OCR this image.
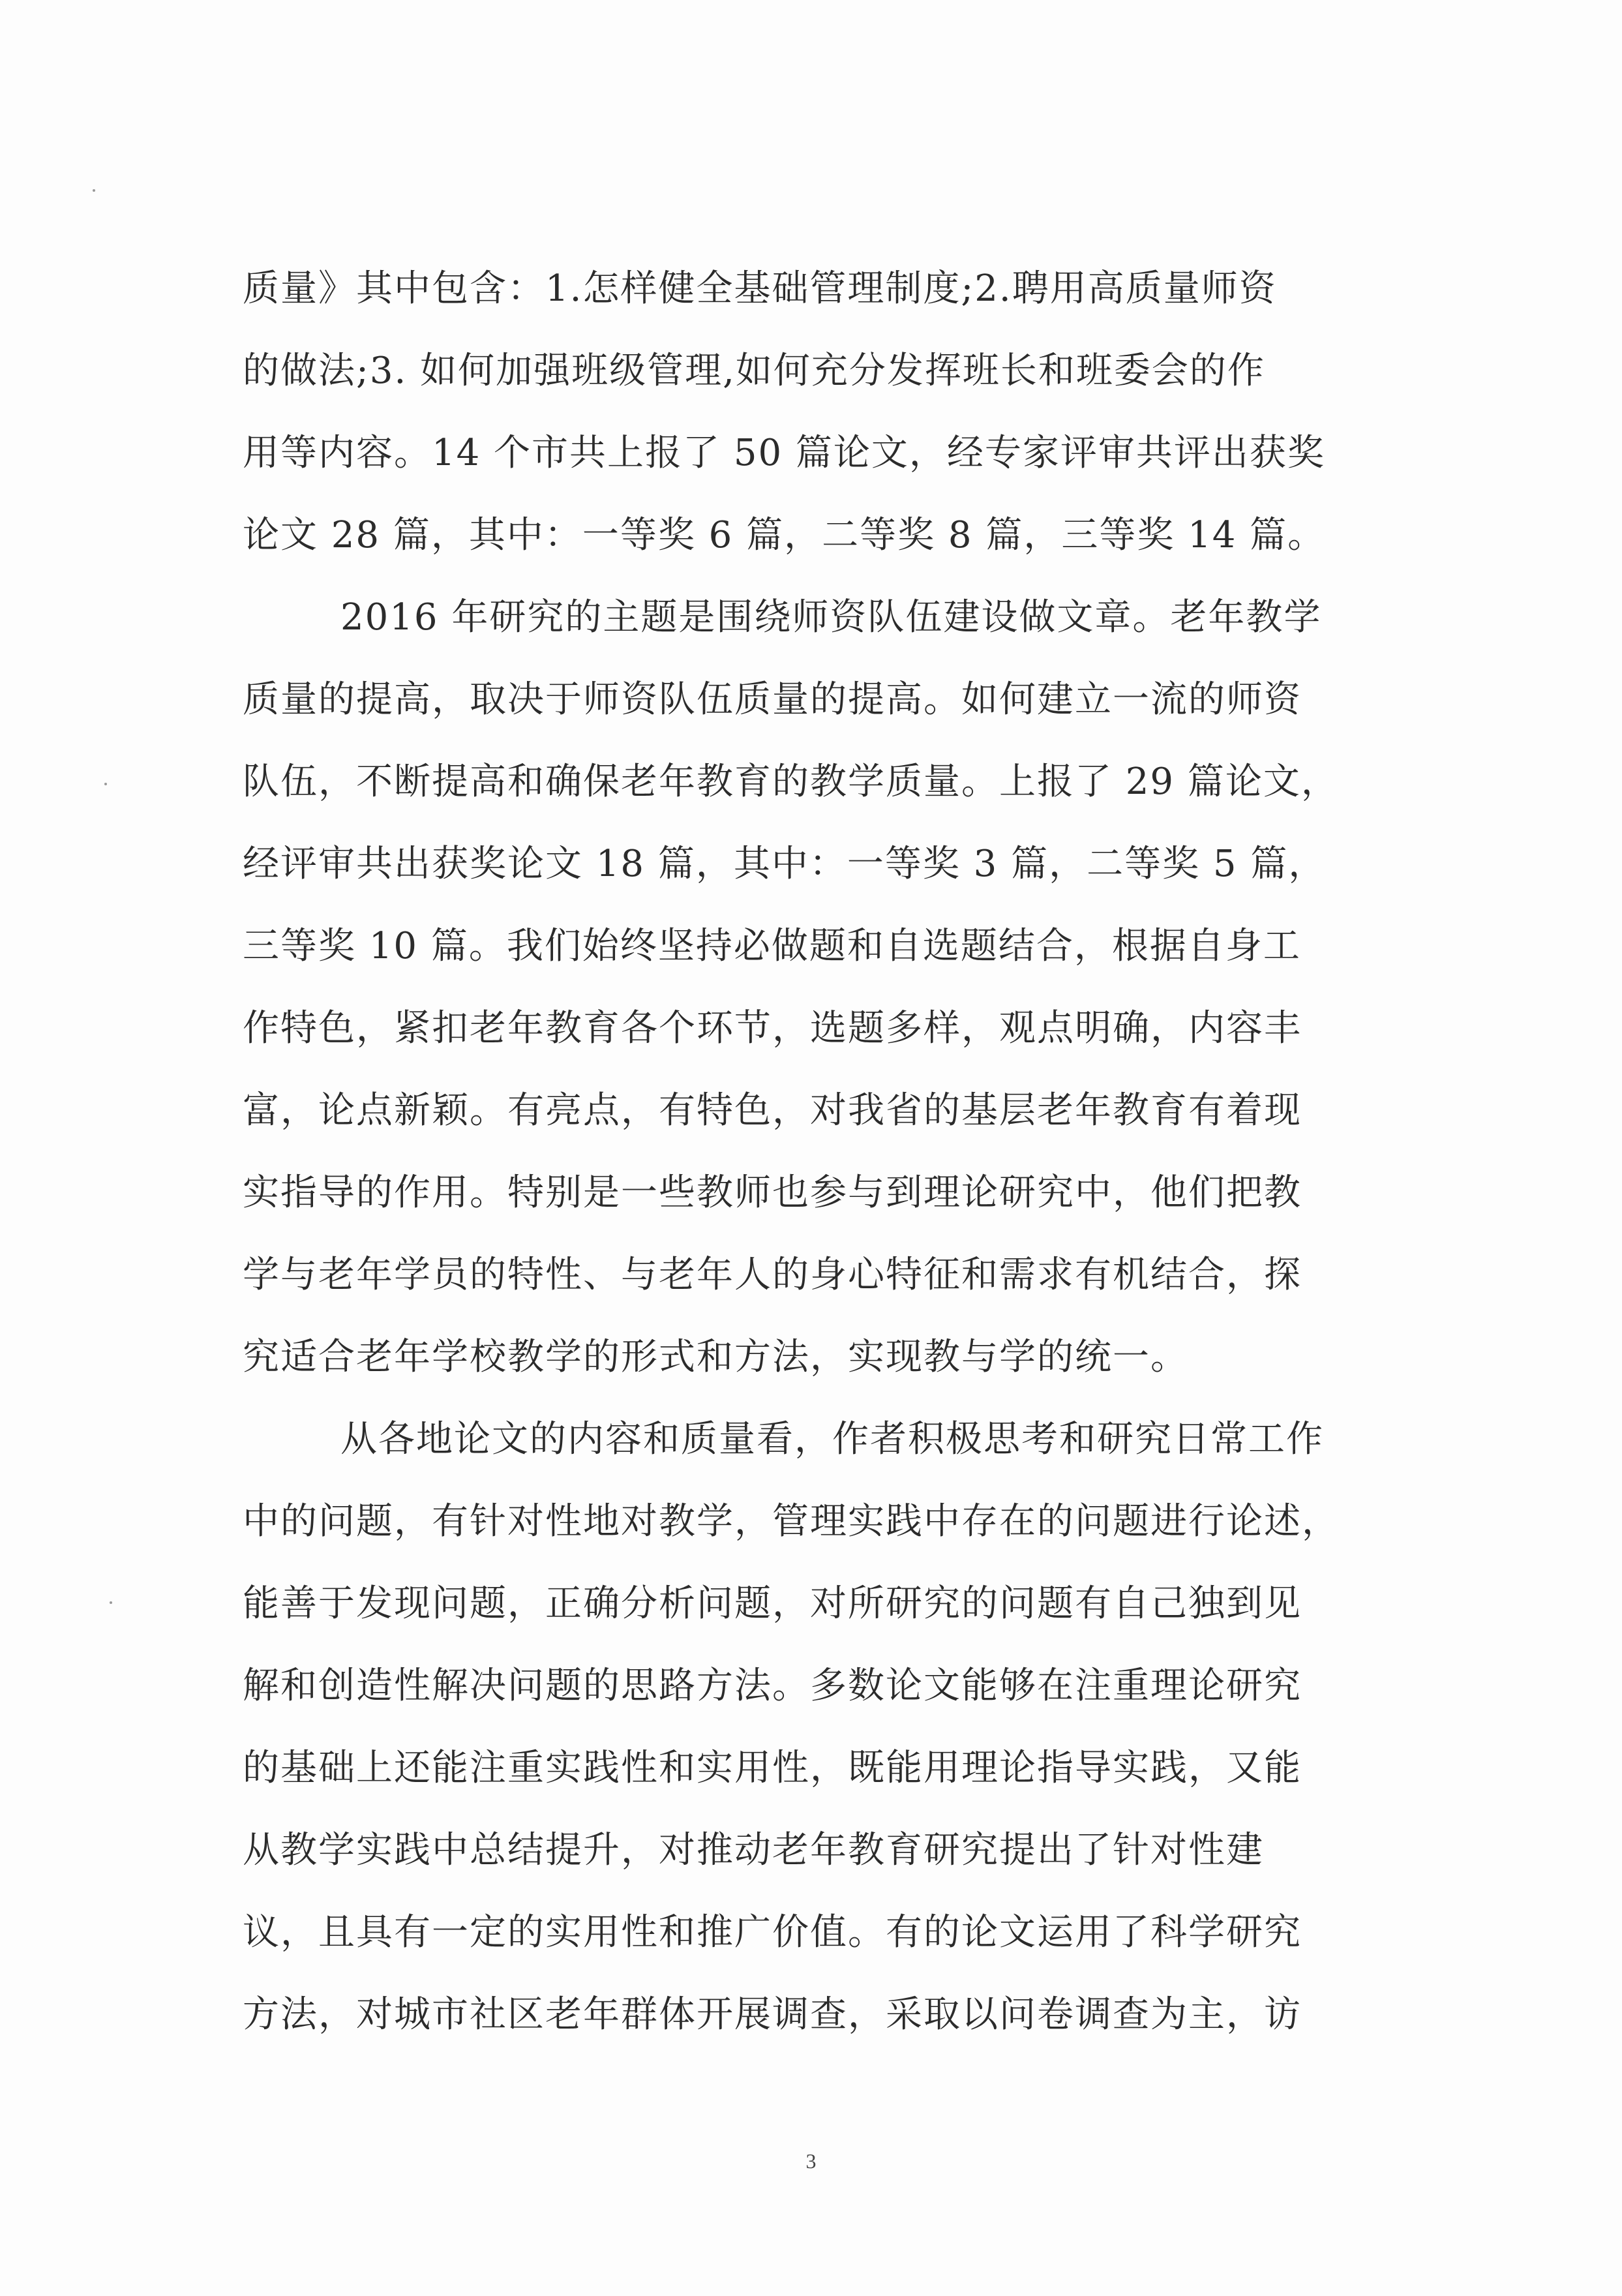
质量》其中包含：1.怎样健全基础管理制度;2.聘用高质量师资
的做法;3. 如何加强班级管理,如何充分发挥班长和班委会的作
用等内容。14 个市共上报了 50 篇论文，经专家评审共评出获奖
论文 28 篇，其中：一等奖 6 篇，二等奖 8 篇，三等奖 14 篇。
2016 年研究的主题是围绕师资队伍建设做文章。老年教学
质量的提高，取决于师资队伍质量的提高。如何建立一流的师资
队伍，不断提高和确保老年教育的教学质量。上报了 29 篇论文，
经评审共出获奖论文 18 篇，其中：一等奖 3 篇，二等奖 5 篇，
三等奖 10 篇。我们始终坚持必做题和自选题结合，根据自身工
作特色，紧扣老年教育各个环节，选题多样，观点明确，内容丰
富，论点新颖。有亮点，有特色，对我省的基层老年教育有着现
实指导的作用。特别是一些教师也参与到理论研究中，他们把教
学与老年学员的特性、与老年人的身心特征和需求有机结合，探
究适合老年学校教学的形式和方法，实现教与学的统一。
从各地论文的内容和质量看，作者积极思考和研究日常工作
中的问题，有针对性地对教学，管理实践中存在的问题进行论述，
能善于发现问题，正确分析问题，对所研究的问题有自己独到见
解和创造性解决问题的思路方法。多数论文能够在注重理论研究
的基础上还能注重实践性和实用性，既能用理论指导实践，又能
从教学实践中总结提升，对推动老年教育研究提出了针对性建
议，且具有一定的实用性和推广价值。有的论文运用了科学研究
方法，对城市社区老年群体开展调查，采取以问卷调查为主，访
3
